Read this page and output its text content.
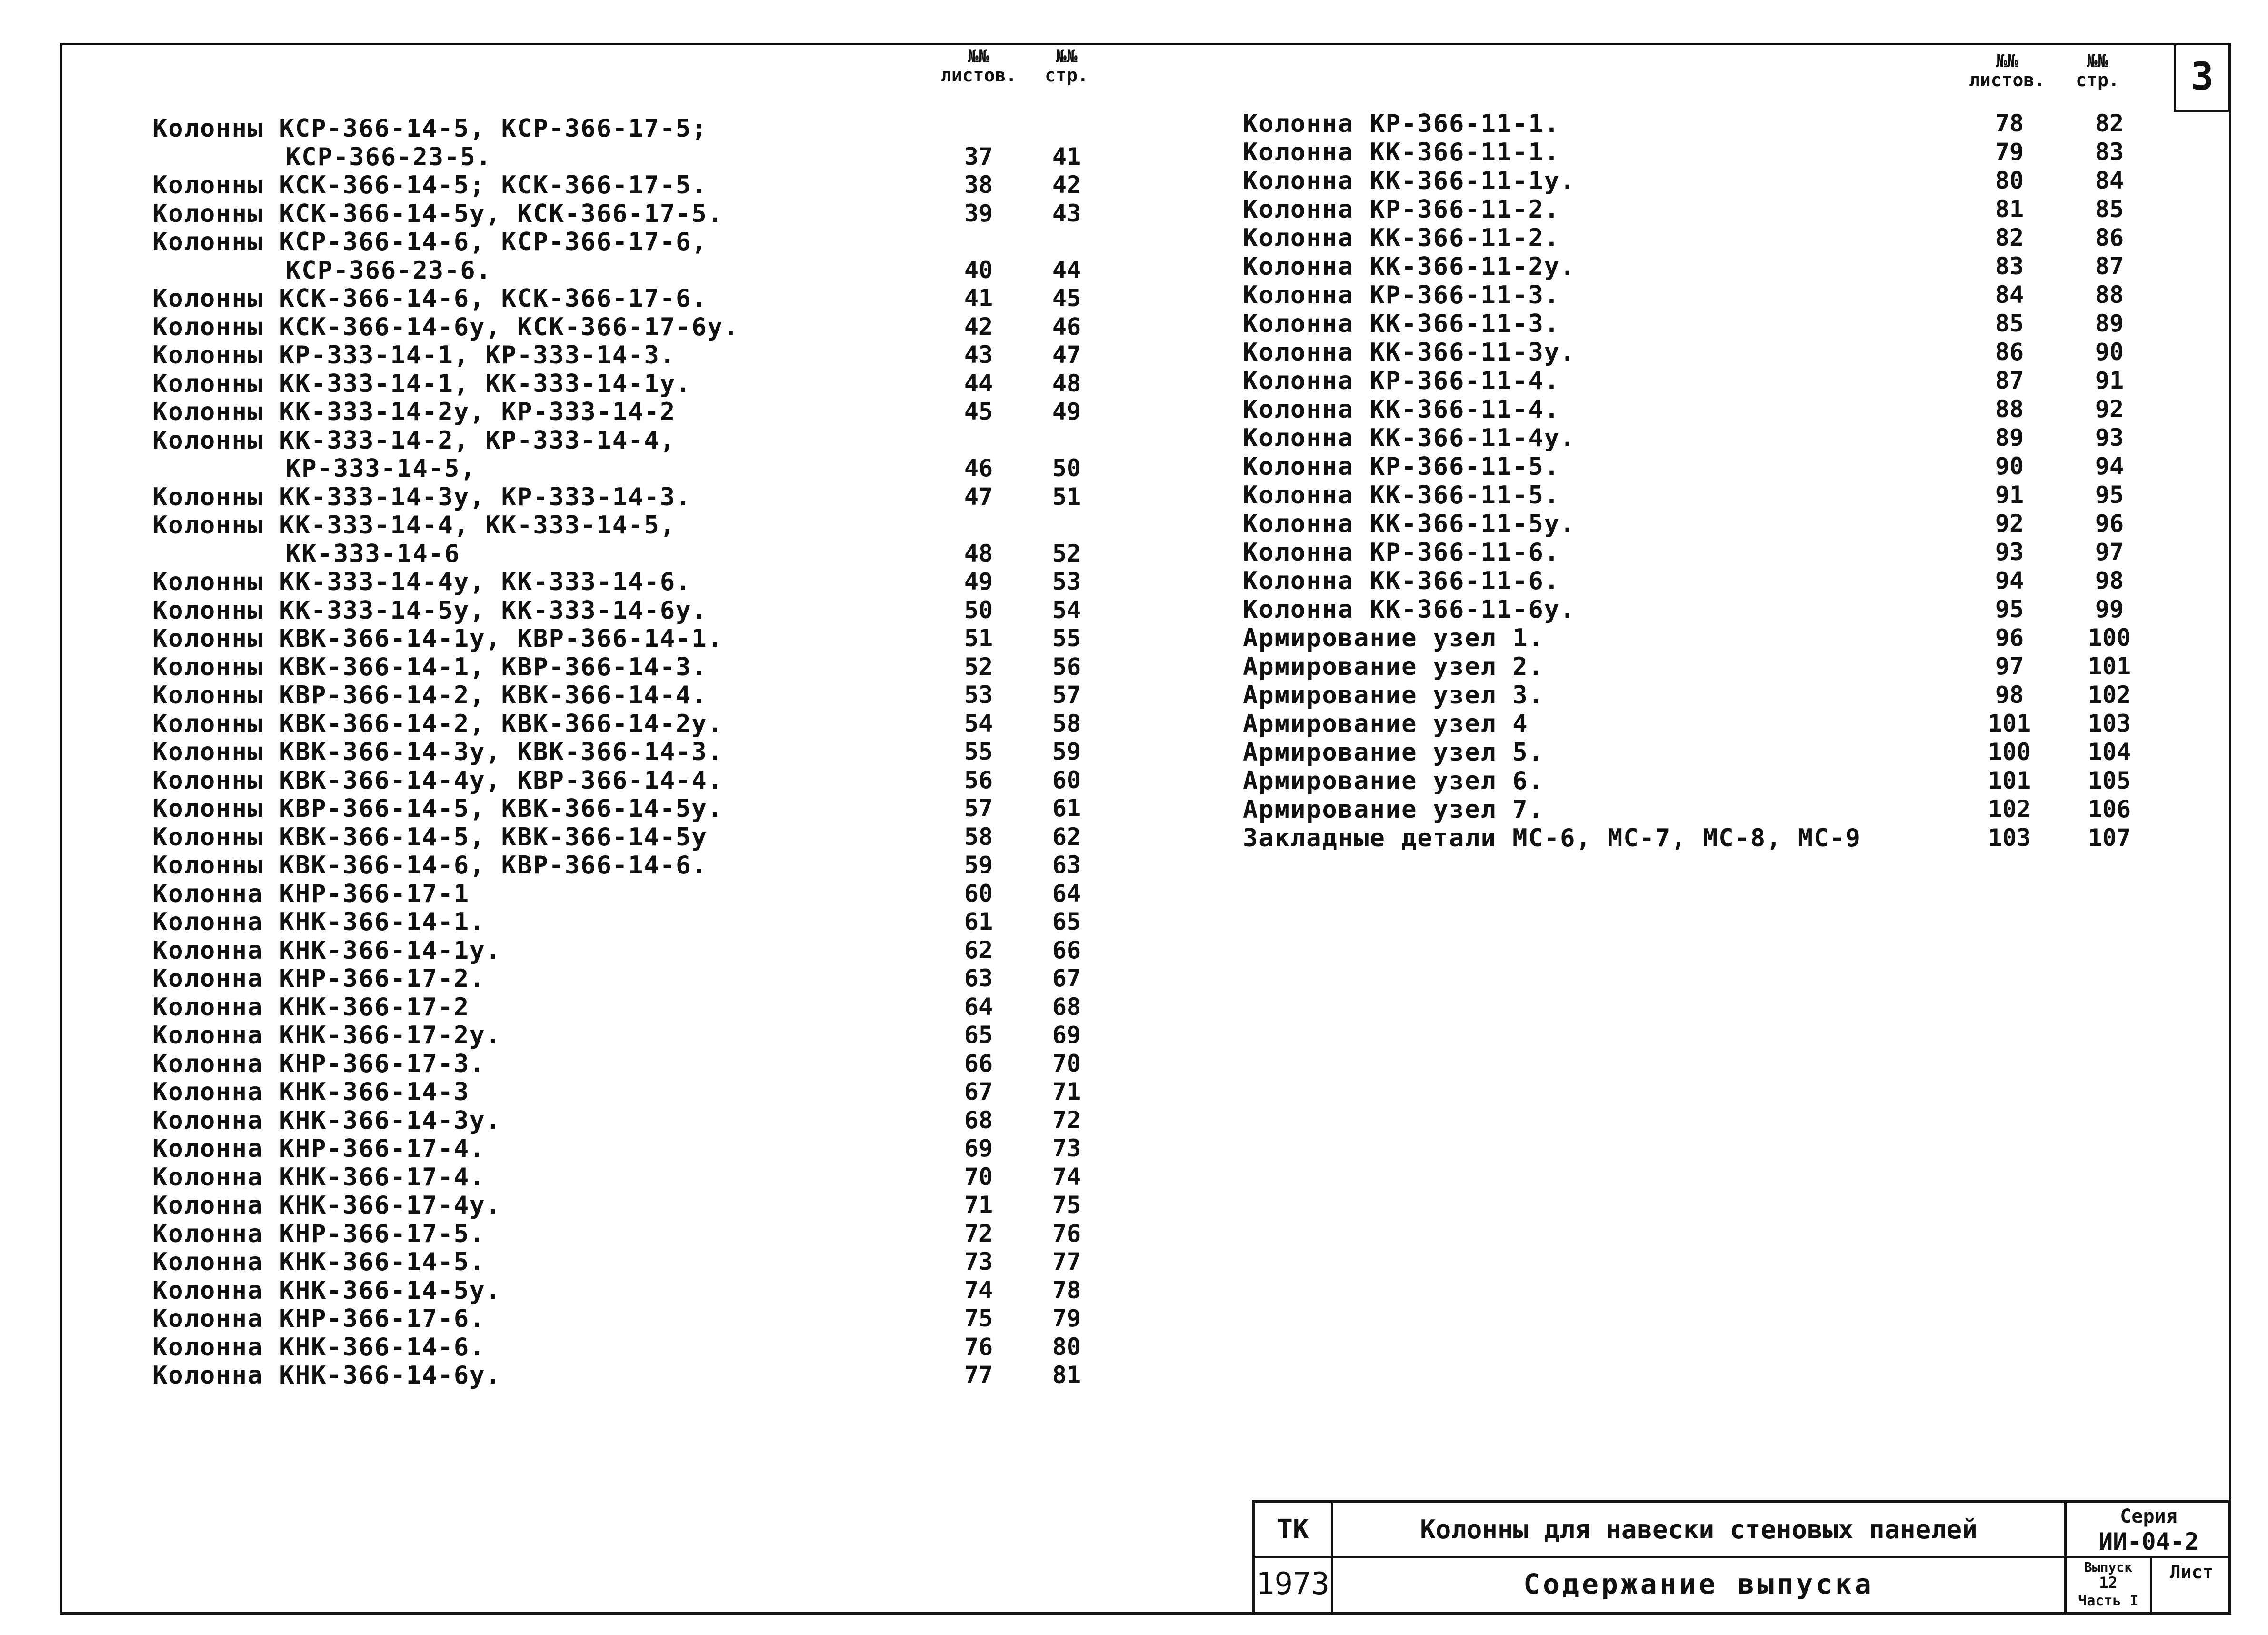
3
№№ листов.
№№ стр.
№№ листов.
№№ стр.
Колонны КСР-366-14-5, КСР-366-17-5;
КСР-366-23-5.	37	41
Колонны КСК-366-14-5; КСК-366-17-5.	38	42
Колонны КСК-366-14-5у, КСК-366-17-5.	39	43
Колонны КСР-366-14-6, КСР-366-17-6,
КСР-366-23-6.	40	44
Колонны КСК-366-14-6, КСК-366-17-6.	41	45
Колонны КСК-366-14-6у, КСК-366-17-6у.	42	46
Колонны КР-333-14-1, КР-333-14-3.	43	47
Колонны КК-333-14-1, КК-333-14-1у.	44	48
Колонны КК-333-14-2у, КР-333-14-2	45	49
Колонны КК-333-14-2, КР-333-14-4,
КР-333-14-5,	46	50
Колонны КК-333-14-3у, КР-333-14-3.	47	51
Колонны КК-333-14-4, КК-333-14-5,
КК-333-14-6	48	52
Колонны КК-333-14-4у, КК-333-14-6.	49	53
Колонны КК-333-14-5у, КК-333-14-6у.	50	54
Колонны КВК-366-14-1у, КВР-366-14-1.	51	55
Колонны КВК-366-14-1, КВР-366-14-3.	52	56
Колонны КВР-366-14-2, КВК-366-14-4.	53	57
Колонны КВК-366-14-2, КВК-366-14-2у.	54	58
Колонны КВК-366-14-3у, КВК-366-14-3.	55	59
Колонны КВК-366-14-4у, КВР-366-14-4.	56	60
Колонны КВР-366-14-5, КВК-366-14-5у.	57	61
Колонны КВК-366-14-5, КВК-366-14-5у	58	62
Колонны КВК-366-14-6, КВР-366-14-6.	59	63
Колонна КНР-366-17-1	60	64
Колонна КНК-366-14-1.	61	65
Колонна КНК-366-14-1у.	62	66
Колонна КНР-366-17-2.	63	67
Колонна КНК-366-17-2	64	68
Колонна КНК-366-17-2у.	65	69
Колонна КНР-366-17-3.	66	70
Колонна КНК-366-14-3	67	71
Колонна КНК-366-14-3у.	68	72
Колонна КНР-366-17-4.	69	73
Колонна КНК-366-17-4.	70	74
Колонна КНК-366-17-4у.	71	75
Колонна КНР-366-17-5.	72	76
Колонна КНК-366-14-5.	73	77
Колонна КНК-366-14-5у.	74	78
Колонна КНР-366-17-6.	75	79
Колонна КНК-366-14-6.	76	80
Колонна КНК-366-14-6у.	77	81
Колонна КР-366-11-1.	78	82
Колонна КК-366-11-1.	79	83
Колонна КК-366-11-1у.	80	84
Колонна КР-366-11-2.	81	85
Колонна КК-366-11-2.	82	86
Колонна КК-366-11-2у.	83	87
Колонна КР-366-11-3.	84	88
Колонна КК-366-11-3.	85	89
Колонна КК-366-11-3у.	86	90
Колонна КР-366-11-4.	87	91
Колонна КК-366-11-4.	88	92
Колонна КК-366-11-4у.	89	93
Колонна КР-366-11-5.	90	94
Колонна КК-366-11-5.	91	95
Колонна КК-366-11-5у.	92	96
Колонна КР-366-11-6.	93	97
Колонна КК-366-11-6.	94	98
Колонна КК-366-11-6у.	95	99
Армирование узел 1.	96	100
Армирование узел 2.	97	101
Армирование узел 3.	98	102
Армирование узел 4	101 103
Армирование узел 5.	100 104
Армирование узел 6.	101 105
Армирование узел 7.	102 106
Закладные детали МС-6, МС-7, МС-8, МС-9	103 107
ТК
1973
Колонны для навески стеновых панелей
Содержание выпуска
Серия
ИИ-04-2
Выпуск
12
Часть I
Лист
